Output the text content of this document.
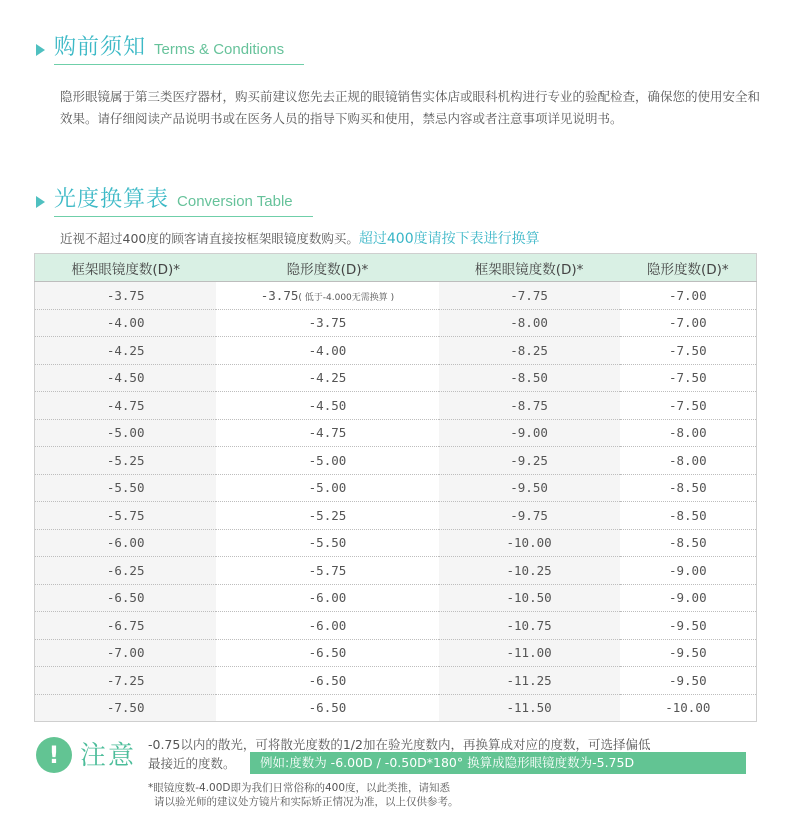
购前须知 Terms & Conditions

隐形眼镜属于第三类医疗器材，购买前建议您先去正规的眼镜销售实体店或眼科机构进行专业的验配检查，确保您的使用安全和效果。请仔细阅读产品说明书或在医务人员的指导下购买和使用，禁忌内容或者注意事项详见说明书。

光度换算表 Conversion Table
近视不超过400度的顾客请直接按框架眼镜度数购买。超过400度请按下表进行换算
框架眼镜度数(D)*	隐形度数(D)*	框架眼镜度数(D)*	隐形度数(D)*
-3.75	-3.75( 低于-4.000无需换算 )	-7.75	-7.00
-4.00	-3.75	-8.00	-7.00
-4.25	-4.00	-8.25	-7.50
-4.50	-4.25	-8.50	-7.50
-4.75	-4.50	-8.75	-7.50
-5.00	-4.75	-9.00	-8.00
-5.25	-5.00	-9.25	-8.00
-5.50	-5.00	-9.50	-8.50
-5.75	-5.25	-9.75	-8.50
-6.00	-5.50	-10.00	-8.50
-6.25	-5.75	-10.25	-9.00
-6.50	-6.00	-10.50	-9.00
-6.75	-6.00	-10.75	-9.50
-7.00	-6.50	-11.00	-9.50
-7.25	-6.50	-11.25	-9.50
-7.50	-6.50	-11.50	-10.00
! 注意 -0.75以内的散光，可将散光度数的1/2加在验光度数内，再换算成对应的度数，可选择偏低
最接近的度数。	例如:度数为 -6.00D / -0.50D*180° 换算成隐形眼镜度数为-5.75D
*眼镜度数-4.00D即为我们日常俗称的400度，以此类推，请知悉
请以验光师的建议处方镜片和实际矫正情况为准，以上仅供参考。
